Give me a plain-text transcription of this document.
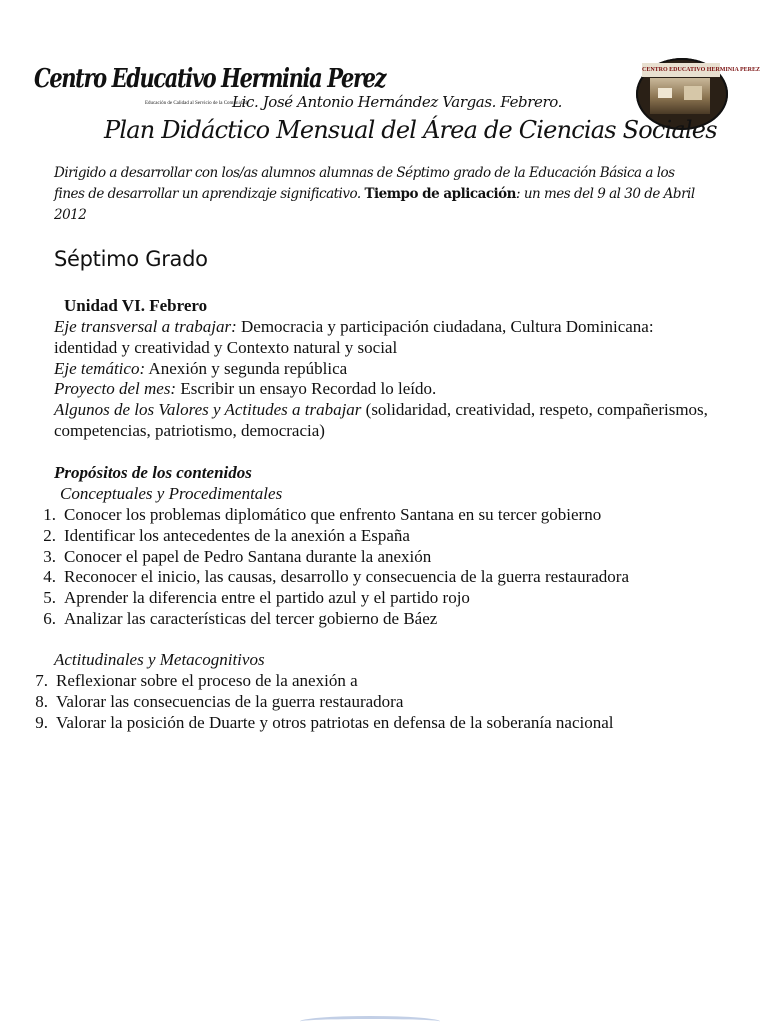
Centro Educativo Herminia Perez
Educación de Calidad al Servicio de la Comunidad
Lic. José Antonio Hernández Vargas. Febrero.
CENTRO EDUCATIVO HERMINIA PEREZ
Plan Didáctico Mensual del Área de Ciencias Sociales
Dirigido a desarrollar con los/as alumnos alumnas de Séptimo grado de la Educación Básica a los fines de desarrollar un aprendizaje significativo. Tiempo de aplicación: un mes del 9 al 30 de Abril 2012
Séptimo Grado
Unidad VI. Febrero
Eje transversal a trabajar: Democracia y participación ciudadana, Cultura Dominicana: identidad y creatividad y Contexto natural y social
Eje temático: Anexión y segunda república
Proyecto del mes: Escribir un ensayo Recordad lo leído.
Algunos de los Valores y Actitudes a trabajar (solidaridad, creatividad, respeto, compañerismos, competencias, patriotismo, democracia)
Propósitos de los contenidos
Conceptuales y Procedimentales
1. Conocer los problemas diplomático que enfrento Santana en su tercer gobierno
2. Identificar los antecedentes de la anexión a España
3. Conocer el papel de Pedro Santana durante la anexión
4. Reconocer el inicio, las causas, desarrollo y consecuencia de la guerra restauradora
5. Aprender la diferencia entre el partido azul y el partido rojo
6. Analizar las características del tercer gobierno de Báez
Actitudinales y Metacognitivos
7. Reflexionar sobre el proceso de la anexión a
8. Valorar las consecuencias de la guerra restauradora
9. Valorar la posición de Duarte y otros patriotas en defensa de la soberanía nacional
